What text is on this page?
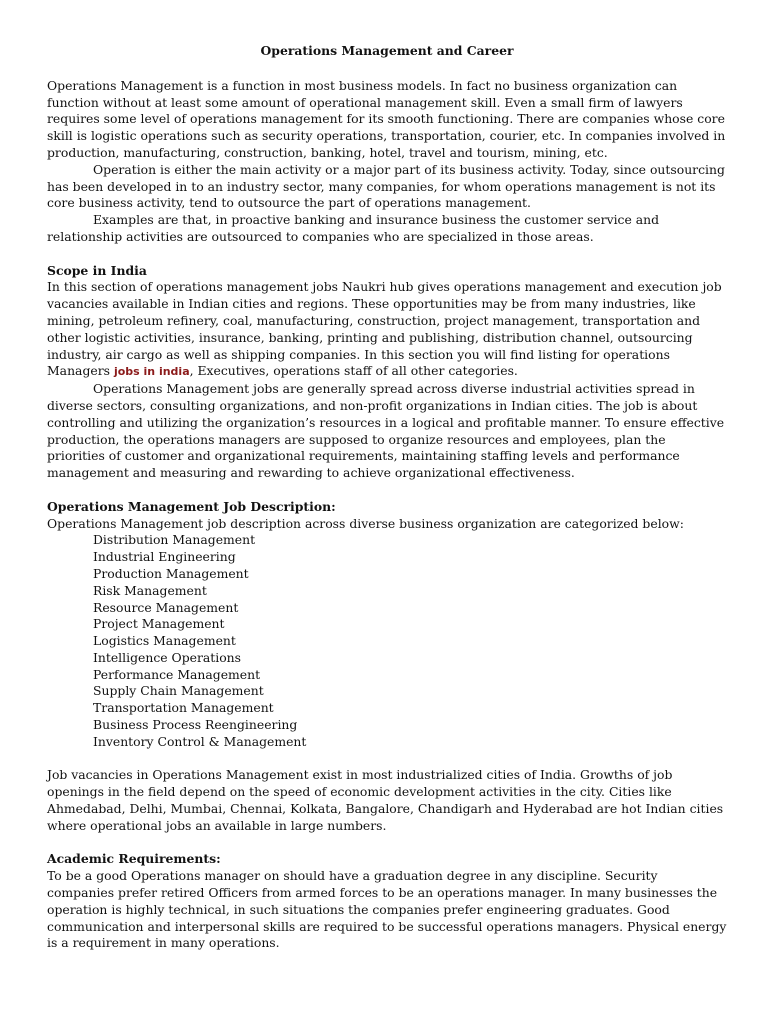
Operations Management and Career

Operations Management is a function in most business models. In fact no business organization can function without at least some amount of operational management skill. Even a small firm of lawyers requires some level of operations management for its smooth functioning. There are companies whose core skill is logistic operations such as security operations, transportation, courier, etc. In companies involved in production, manufacturing, construction, banking, hotel, travel and tourism, mining, etc.

Operation is either the main activity or a major part of its business activity. Today, since outsourcing has been developed in to an industry sector, many companies, for whom operations management is not its core business activity, tend to outsource the part of operations management.

Examples are that, in proactive banking and insurance business the customer service and relationship activities are outsourced to companies who are specialized in those areas.

Scope in India

In this section of operations management jobs Naukri hub gives operations management and execution job vacancies available in Indian cities and regions. These opportunities may be from many industries, like mining, petroleum refinery, coal, manufacturing, construction, project management, transportation and other logistic activities, insurance, banking, printing and publishing, distribution channel, outsourcing industry, air cargo as well as shipping companies. In this section you will find listing for operations Managers jobs in india, Executives, operations staff of all other categories.

Operations Management jobs are generally spread across diverse industrial activities spread in diverse sectors, consulting organizations, and non-profit organizations in Indian cities. The job is about controlling and utilizing the organization’s resources in a logical and profitable manner. To ensure effective production, the operations managers are supposed to organize resources and employees, plan the priorities of customer and organizational requirements, maintaining staffing levels and performance management and measuring and rewarding to achieve organizational effectiveness.

Operations Management Job Description:

Operations Management job description across diverse business organization are categorized below:

Distribution Management
Industrial Engineering
Production Management
Risk Management
Resource Management
Project Management
Logistics Management
Intelligence Operations
Performance Management
Supply Chain Management
Transportation Management
Business Process Reengineering
Inventory Control & Management

Job vacancies in Operations Management exist in most industrialized cities of India. Growths of job openings in the field depend on the speed of economic development activities in the city. Cities like Ahmedabad, Delhi, Mumbai, Chennai, Kolkata, Bangalore, Chandigarh and Hyderabad are hot Indian cities where operational jobs an available in large numbers.

Academic Requirements:

To be a good Operations manager on should have a graduation degree in any discipline. Security companies prefer retired Officers from armed forces to be an operations manager. In many businesses the operation is highly technical, in such situations the companies prefer engineering graduates. Good communication and interpersonal skills are required to be successful operations managers. Physical energy is a requirement in many operations.
